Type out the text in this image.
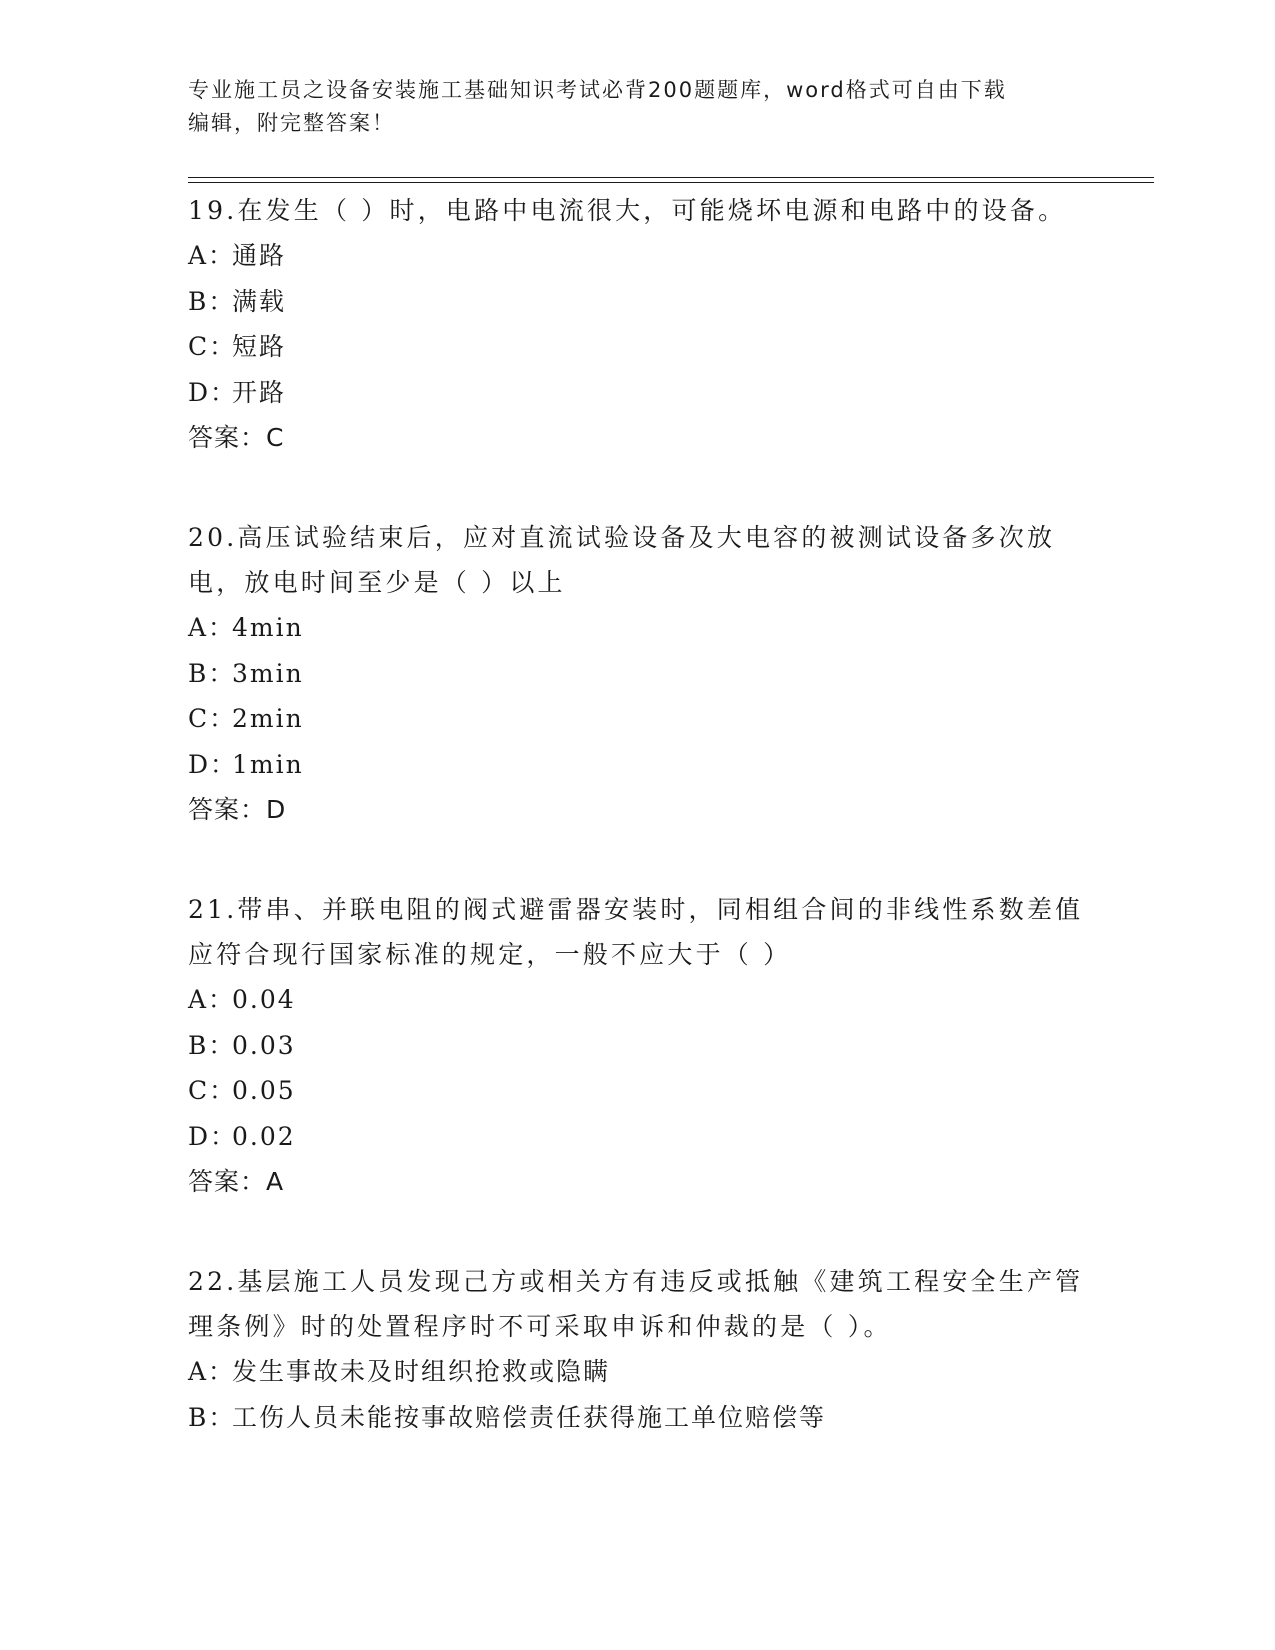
专业施工员之设备安装施工基础知识考试必背200题题库，word格式可自由下载
编辑，附完整答案！

19.在发生（ ）时，电路中电流很大，可能烧坏电源和电路中的设备。

A：通路

B：满载

C：短路

D：开路

答案：C

20.高压试验结束后，应对直流试验设备及大电容的被测试设备多次放电，放电时间至少是（ ）以上

A：4min

B：3min

C：2min

D：1min

答案：D

21.带串、并联电阻的阀式避雷器安装时，同相组合间的非线性系数差值应符合现行国家标准的规定，一般不应大于（ ）

A：0.04

B：0.03

C：0.05

D：0.02

答案：A

22.基层施工人员发现己方或相关方有违反或抵触《建筑工程安全生产管理条例》时的处置程序时不可采取申诉和仲裁的是（ ）。

A：发生事故未及时组织抢救或隐瞒

B：工伤人员未能按事故赔偿责任获得施工单位赔偿等
